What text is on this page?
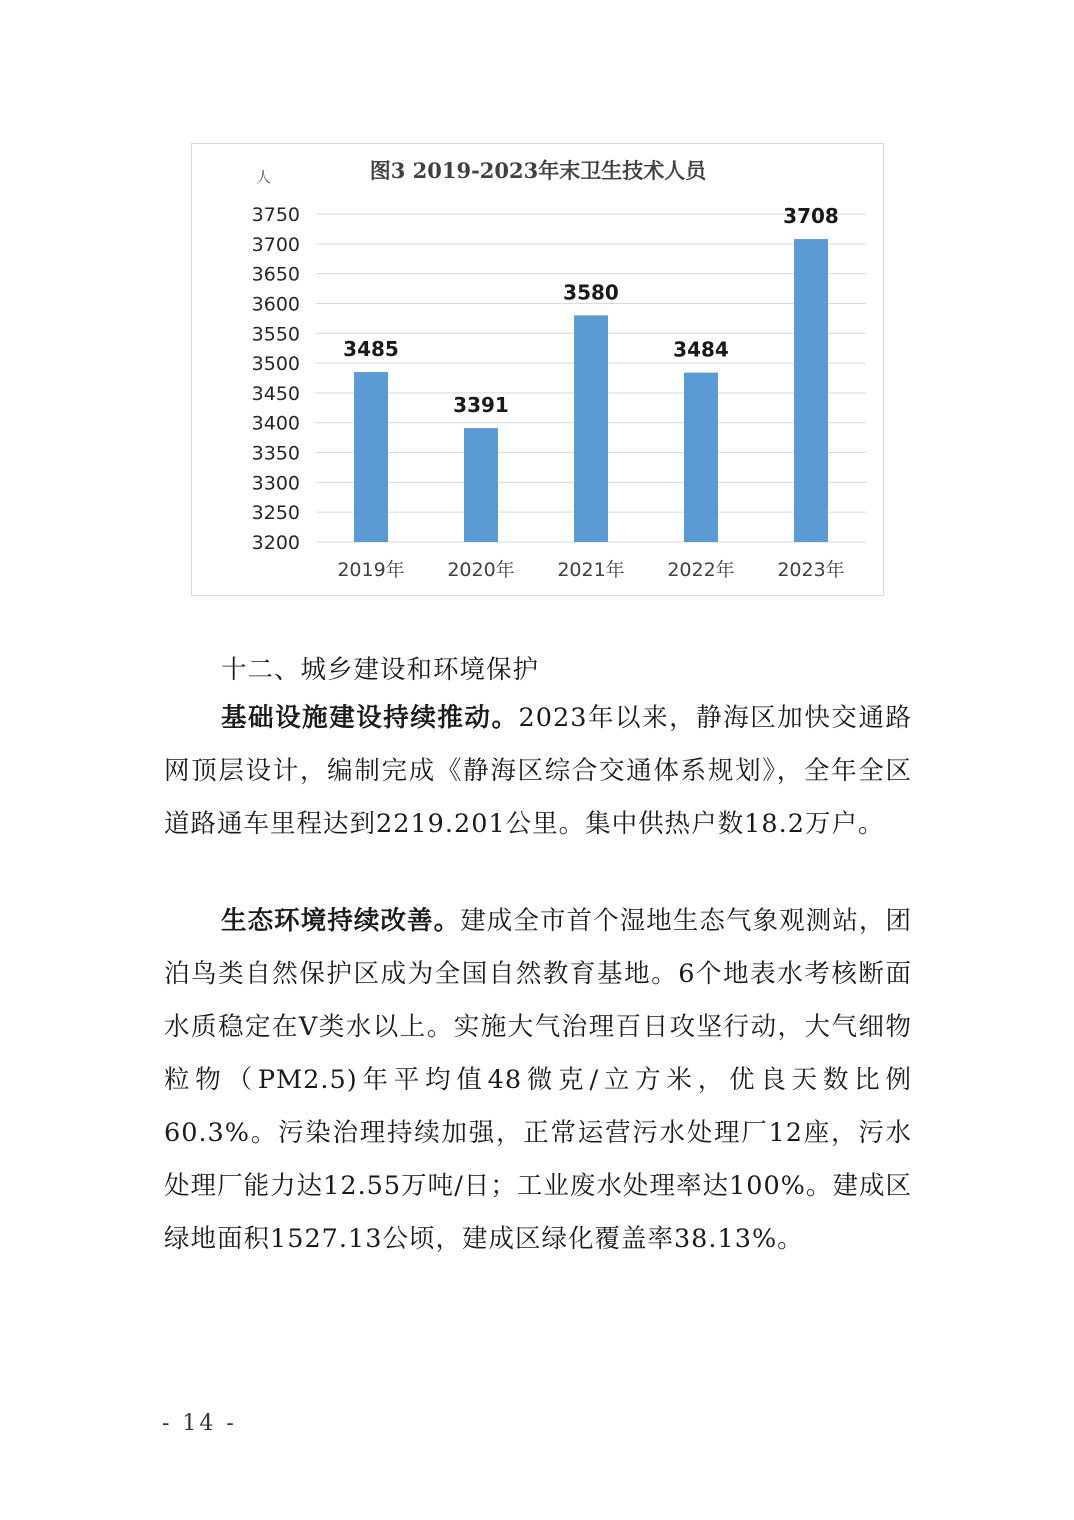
图3 2019-2023年末卫生技术人员
人
3750
3700
3650
3600
3550
3500
3450
3400
3350
3300
3250
3200
3485
2019年
3391
2020年
3580
2021年
3484
2022年
3708
2023年
十二、城乡建设和环境保护

基础设施建设持续推动。2023年以来，静海区加快交通路网顶层设计，编制完成《静海区综合交通体系规划》，全年全区道路通车里程达到2219.201公里。集中供热户数18.2万户。

生态环境持续改善。建成全市首个湿地生态气象观测站，团泊鸟类自然保护区成为全国自然教育基地。6个地表水考核断面水质稳定在Ⅴ类水以上。实施大气治理百日攻坚行动，大气细物粒物（PM2.5)年平均值48微克/立方米，优良天数比例 60.3%。污染治理持续加强，正常运营污水处理厂12座，污水处理厂能力达12.55万吨/日；工业废水处理率达100%。建成区绿地面积1527.13公顷，建成区绿化覆盖率38.13%。

- 14 -
